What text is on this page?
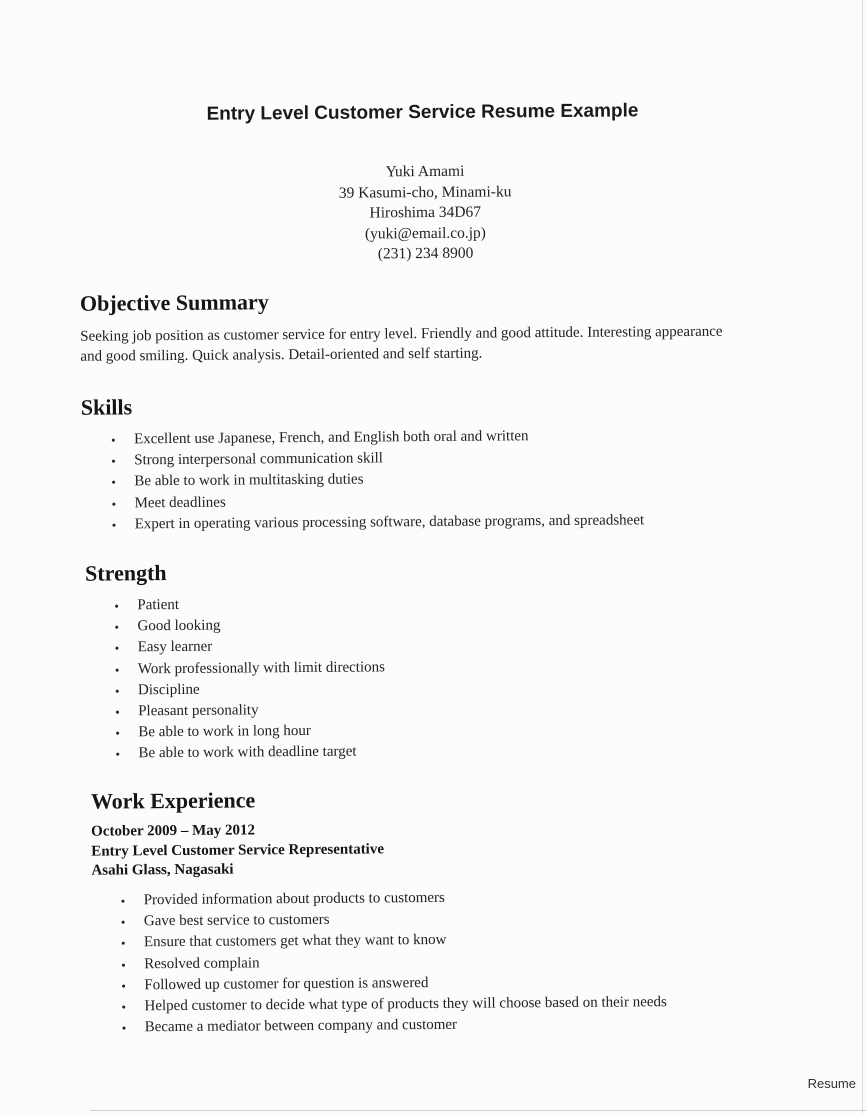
Entry Level Customer Service Resume Example
Yuki Amami
39 Kasumi-cho, Minami-ku
Hiroshima 34D67
(yuki@email.co.jp)
(231) 234 8900
Objective Summary
Seeking job position as customer service for entry level. Friendly and good attitude. Interesting appearance and good smiling. Quick analysis. Detail-oriented and self starting.
Skills
• Excellent use Japanese, French, and English both oral and written
• Strong interpersonal communication skill
• Be able to work in multitasking duties
• Meet deadlines
• Expert in operating various processing software, database programs, and spreadsheet
Strength
• Patient
• Good looking
• Easy learner
• Work professionally with limit directions
• Discipline
• Pleasant personality
• Be able to work in long hour
• Be able to work with deadline target
Work Experience
October 2009 – May 2012
Entry Level Customer Service Representative
Asahi Glass, Nagasaki
• Provided information about products to customers
• Gave best service to customers
• Ensure that customers get what they want to know
• Resolved complain
• Followed up customer for question is answered
• Helped customer to decide what type of products they will choose based on their needs
• Became a mediator between company and customer
Resume
